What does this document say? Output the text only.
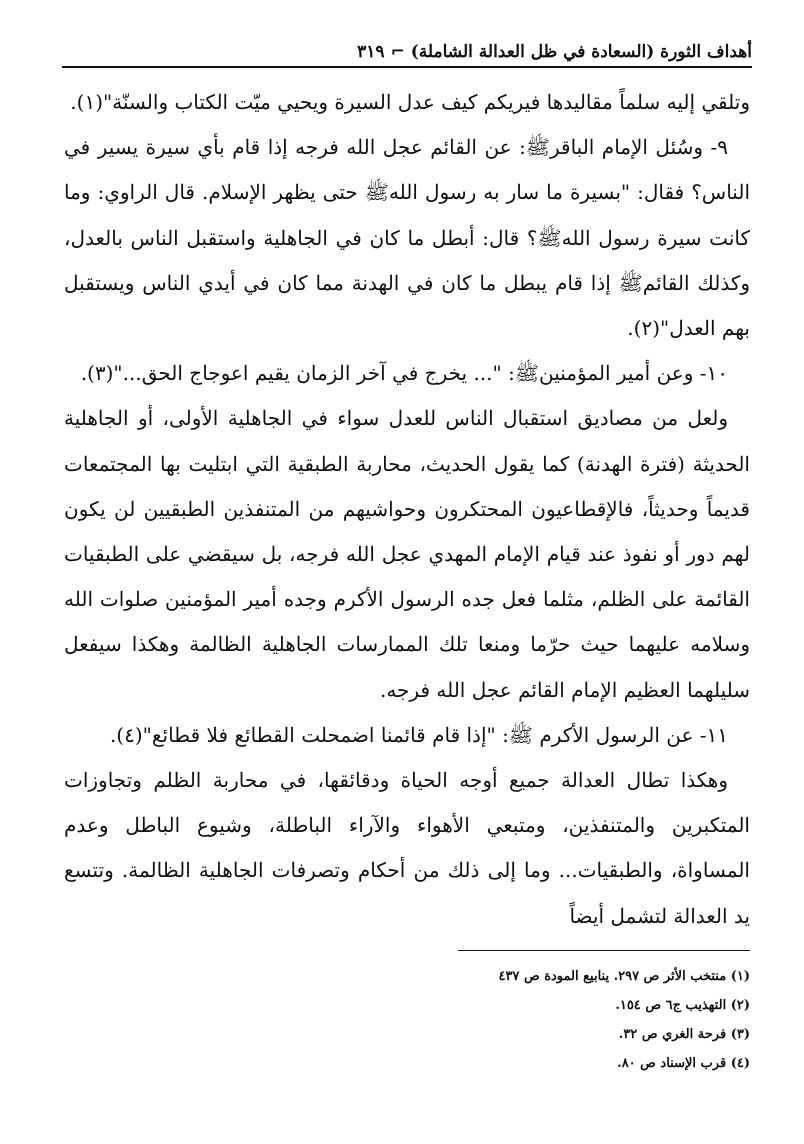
أهداف الثورة (السعادة في ظل العدالة الشاملة)
⌐
٣١٩

وتلقي إليه سلماً مقاليدها فيريكم كيف عدل السيرة ويحيي ميّت الكتاب والسنّة"(١).

٩- وسُئل الإمام الباقرﷺ: عن القائم عجل الله فرجه إذا قام بأي سيرة يسير في الناس؟ فقال: "بسيرة ما سار به رسول اللهﷺ حتى يظهر الإسلام. قال الراوي: وما كانت سيرة رسول اللهﷺ؟ قال: أبطل ما كان في الجاهلية واستقبل الناس بالعدل، وكذلك القائمﷺ إذا قام يبطل ما كان في الهدنة مما كان في أيدي الناس ويستقبل بهم العدل"(٢).

١٠- وعن أمير المؤمنينﷺ: "... يخرج في آخر الزمان يقيم اعوجاج الحق..."(٣).

ولعل من مصاديق استقبال الناس للعدل سواء في الجاهلية الأولى، أو الجاهلية الحديثة (فترة الهدنة) كما يقول الحديث، محاربة الطبقية التي ابتليت بها المجتمعات قديماً وحديثاً، فالإقطاعيون المحتكرون وحواشيهم من المتنفذين الطبقيين لن يكون لهم دور أو نفوذ عند قيام الإمام المهدي عجل الله فرجه، بل سيقضي على الطبقيات القائمة على الظلم، مثلما فعل جده الرسول الأكرم وجده أمير المؤمنين صلوات الله وسلامه عليهما حيث حرّما ومنعا تلك الممارسات الجاهلية الظالمة وهكذا سيفعل سليلهما العظيم الإمام القائم عجل الله فرجه.

١١- عن الرسول الأكرم ﷺ: "إذا قام قائمنا اضمحلت القطائع فلا قطائع"(٤).

وهكذا تطال العدالة جميع أوجه الحياة ودقائقها، في محاربة الظلم وتجاوزات المتكبرين والمتنفذين، ومتبعي الأهواء والآراء الباطلة، وشيوع الباطل وعدم المساواة، والطبقيات... وما إلى ذلك من أحكام وتصرفات الجاهلية الظالمة. وتتسع يد العدالة لتشمل أيضاً

(١) منتخب الأثر ص ٢٩٧. ينابيع المودة ص ٤٣٧
(٢) التهذيب ج٦ ص ١٥٤.
(٣) فرحة الغري ص ٣٢.
(٤) قرب الإسناد ص ٨٠.
